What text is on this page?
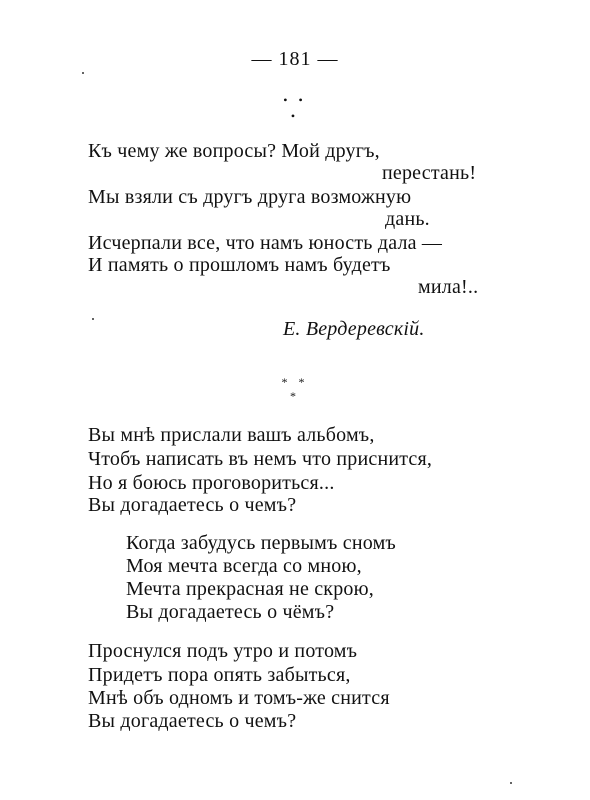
— 181 —
• •
•
Къ чему же вопросы? Мой другъ,
перестань!
Мы взяли съ другъ друга возможную
дань.
Исчерпали все, что намъ юность дала —
И память о прошломъ намъ будетъ
мила!..
Е. Вердеревскій.
* *
*
Вы мнѣ прислали вашъ альбомъ,
Чтобъ написать въ немъ что приснится,
Но я боюсь проговориться...
Вы догадаетесь о чемъ?
Когда забудусь первымъ сномъ
Моя мечта всегда со мною,
Мечта прекрасная не скрою,
Вы догадаетесь о чёмъ?
Проснулся подъ утро и потомъ
Придетъ пора опять забыться,
Мнѣ объ одномъ и томъ-же снится
Вы догадаетесь о чемъ?
